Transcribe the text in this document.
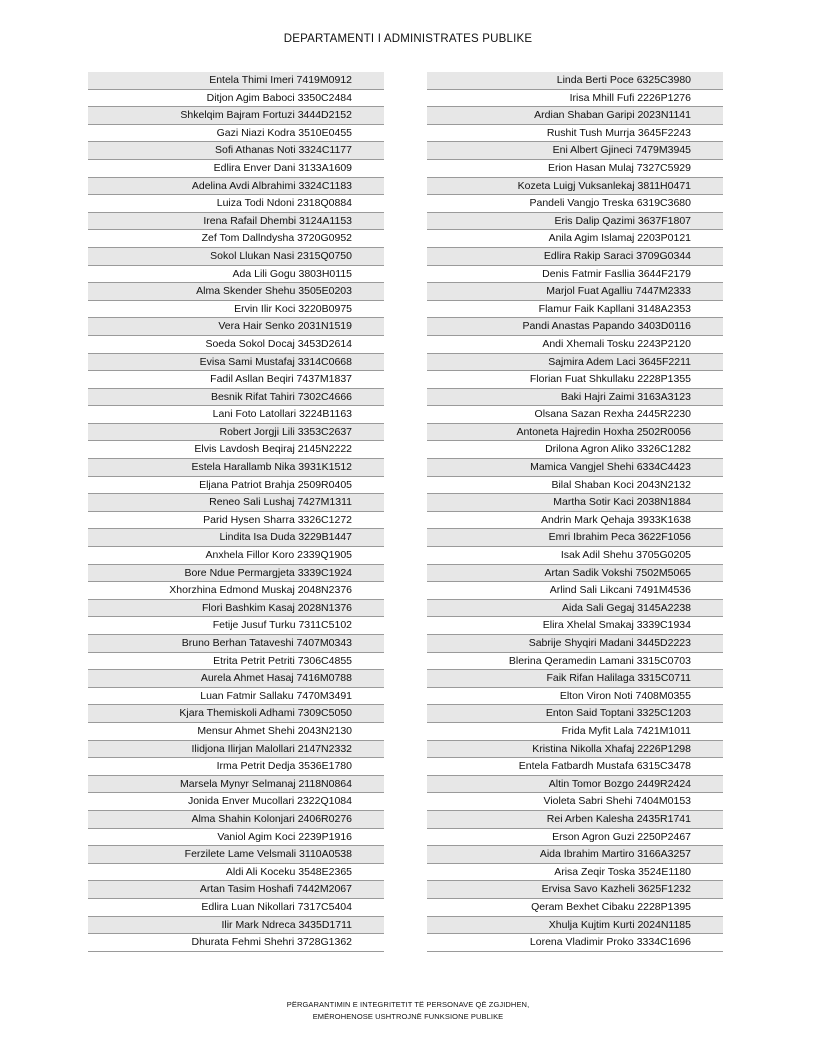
DEPARTAMENTI I ADMINISTRATES PUBLIKE
Entela Thimi Imeri 7419M0912
Ditjon Agim Baboci 3350C2484
Shkelqim Bajram Fortuzi 3444D2152
Gazi Niazi Kodra 3510E0455
Sofi Athanas Noti 3324C1177
Edlira Enver Dani 3133A1609
Adelina Avdi Albrahimi 3324C1183
Luiza Todi Ndoni 2318Q0884
Irena Rafail Dhembi 3124A1153
Zef Tom Dallndysha 3720G0952
Sokol Llukan Nasi 2315Q0750
Ada Lili Gogu 3803H0115
Alma Skender Shehu 3505E0203
Ervin Ilir Koci 3220B0975
Vera Hair Senko 2031N1519
Soeda Sokol Docaj 3453D2614
Evisa Sami Mustafaj 3314C0668
Fadil Asllan Beqiri 7437M1837
Besnik Rifat Tahiri 7302C4666
Lani Foto Latollari 3224B1163
Robert Jorgji Lili 3353C2637
Elvis Lavdosh Beqiraj 2145N2222
Estela Harallamb Nika 3931K1512
Eljana Patriot Brahja 2509R0405
Reneo Sali Lushaj 7427M1311
Parid Hysen Sharra 3326C1272
Lindita Isa Duda 3229B1447
Anxhela Fillor Koro 2339Q1905
Bore Ndue Permargjeta 3339C1924
Xhorzhina Edmond Muskaj 2048N2376
Flori Bashkim Kasaj 2028N1376
Fetije Jusuf Turku 7311C5102
Bruno Berhan Tataveshi 7407M0343
Etrita Petrit Petriti 7306C4855
Aurela Ahmet Hasaj 7416M0788
Luan Fatmir Sallaku 7470M3491
Kjara Themiskoli Adhami 7309C5050
Mensur Ahmet Shehi 2043N2130
Ilidjona Ilirjan Malollari 2147N2332
Irma Petrit Dedja 3536E1780
Marsela Mynyr Selmanaj 2118N0864
Jonida Enver Mucollari 2322Q1084
Alma Shahin Kolonjari 2406R0276
Vaniol Agim Koci 2239P1916
Ferzilete Lame Velsmali 3110A0538
Aldi Ali Koceku 3548E2365
Artan Tasim Hoshafi 7442M2067
Edlira Luan Nikollari 7317C5404
Ilir Mark Ndreca 3435D1711
Dhurata Fehmi Shehri 3728G1362
Linda Berti Poce 6325C3980
Irisa Mhill Fufi 2226P1276
Ardian Shaban Garipi 2023N1141
Rushit Tush Murrja 3645F2243
Eni Albert Gjineci 7479M3945
Erion Hasan Mulaj 7327C5929
Kozeta Luigj Vuksanlekaj 3811H0471
Pandeli Vangjo Treska 6319C3680
Eris Dalip Qazimi 3637F1807
Anila Agim Islamaj 2203P0121
Edlira Rakip Saraci 3709G0344
Denis Fatmir Fasllia 3644F2179
Marjol Fuat Agalliu 7447M2333
Flamur Faik Kapllani 3148A2353
Pandi Anastas Papando 3403D0116
Andi Xhemali Tosku 2243P2120
Sajmira Adem Laci 3645F2211
Florian Fuat Shkullaku 2228P1355
Baki Hajri Zaimi 3163A3123
Olsana Sazan Rexha 2445R2230
Antoneta Hajredin Hoxha 2502R0056
Drilona Agron Aliko 3326C1282
Mamica Vangjel Shehi 6334C4423
Bilal Shaban Koci 2043N2132
Martha Sotir Kaci 2038N1884
Andrin Mark Qehaja 3933K1638
Emri Ibrahim Peca 3622F1056
Isak Adil Shehu 3705G0205
Artan Sadik Vokshi 7502M5065
Arlind Sali Likcani 7491M4536
Aida Sali Gegaj 3145A2238
Elira Xhelal Smakaj 3339C1934
Sabrije Shyqiri Madani 3445D2223
Blerina Qeramedin Lamani 3315C0703
Faik Rifan Halilaga 3315C0711
Elton Viron Noti 7408M0355
Enton Said Toptani 3325C1203
Frida Myfit Lala 7421M1011
Kristina Nikolla Xhafaj 2226P1298
Entela Fatbardh Mustafa 6315C3478
Altin Tomor Bozgo 2449R2424
Violeta Sabri Shehi 7404M0153
Rei Arben Kalesha 2435R1741
Erson Agron Guzi 2250P2467
Aida Ibrahim Martiro 3166A3257
Arisa Zeqir Toska 3524E1180
Ervisa Savo Kazheli 3625F1232
Qeram Bexhet Cibaku 2228P1395
Xhulja Kujtim Kurti 2024N1185
Lorena Vladimir Proko 3334C1696
PËRGARANTIMIN E INTEGRITETIT TË PERSONAVE QË ZGJIDHEN,
EMËROHENOSE USHTROJNË FUNKSIONE PUBLIKE
